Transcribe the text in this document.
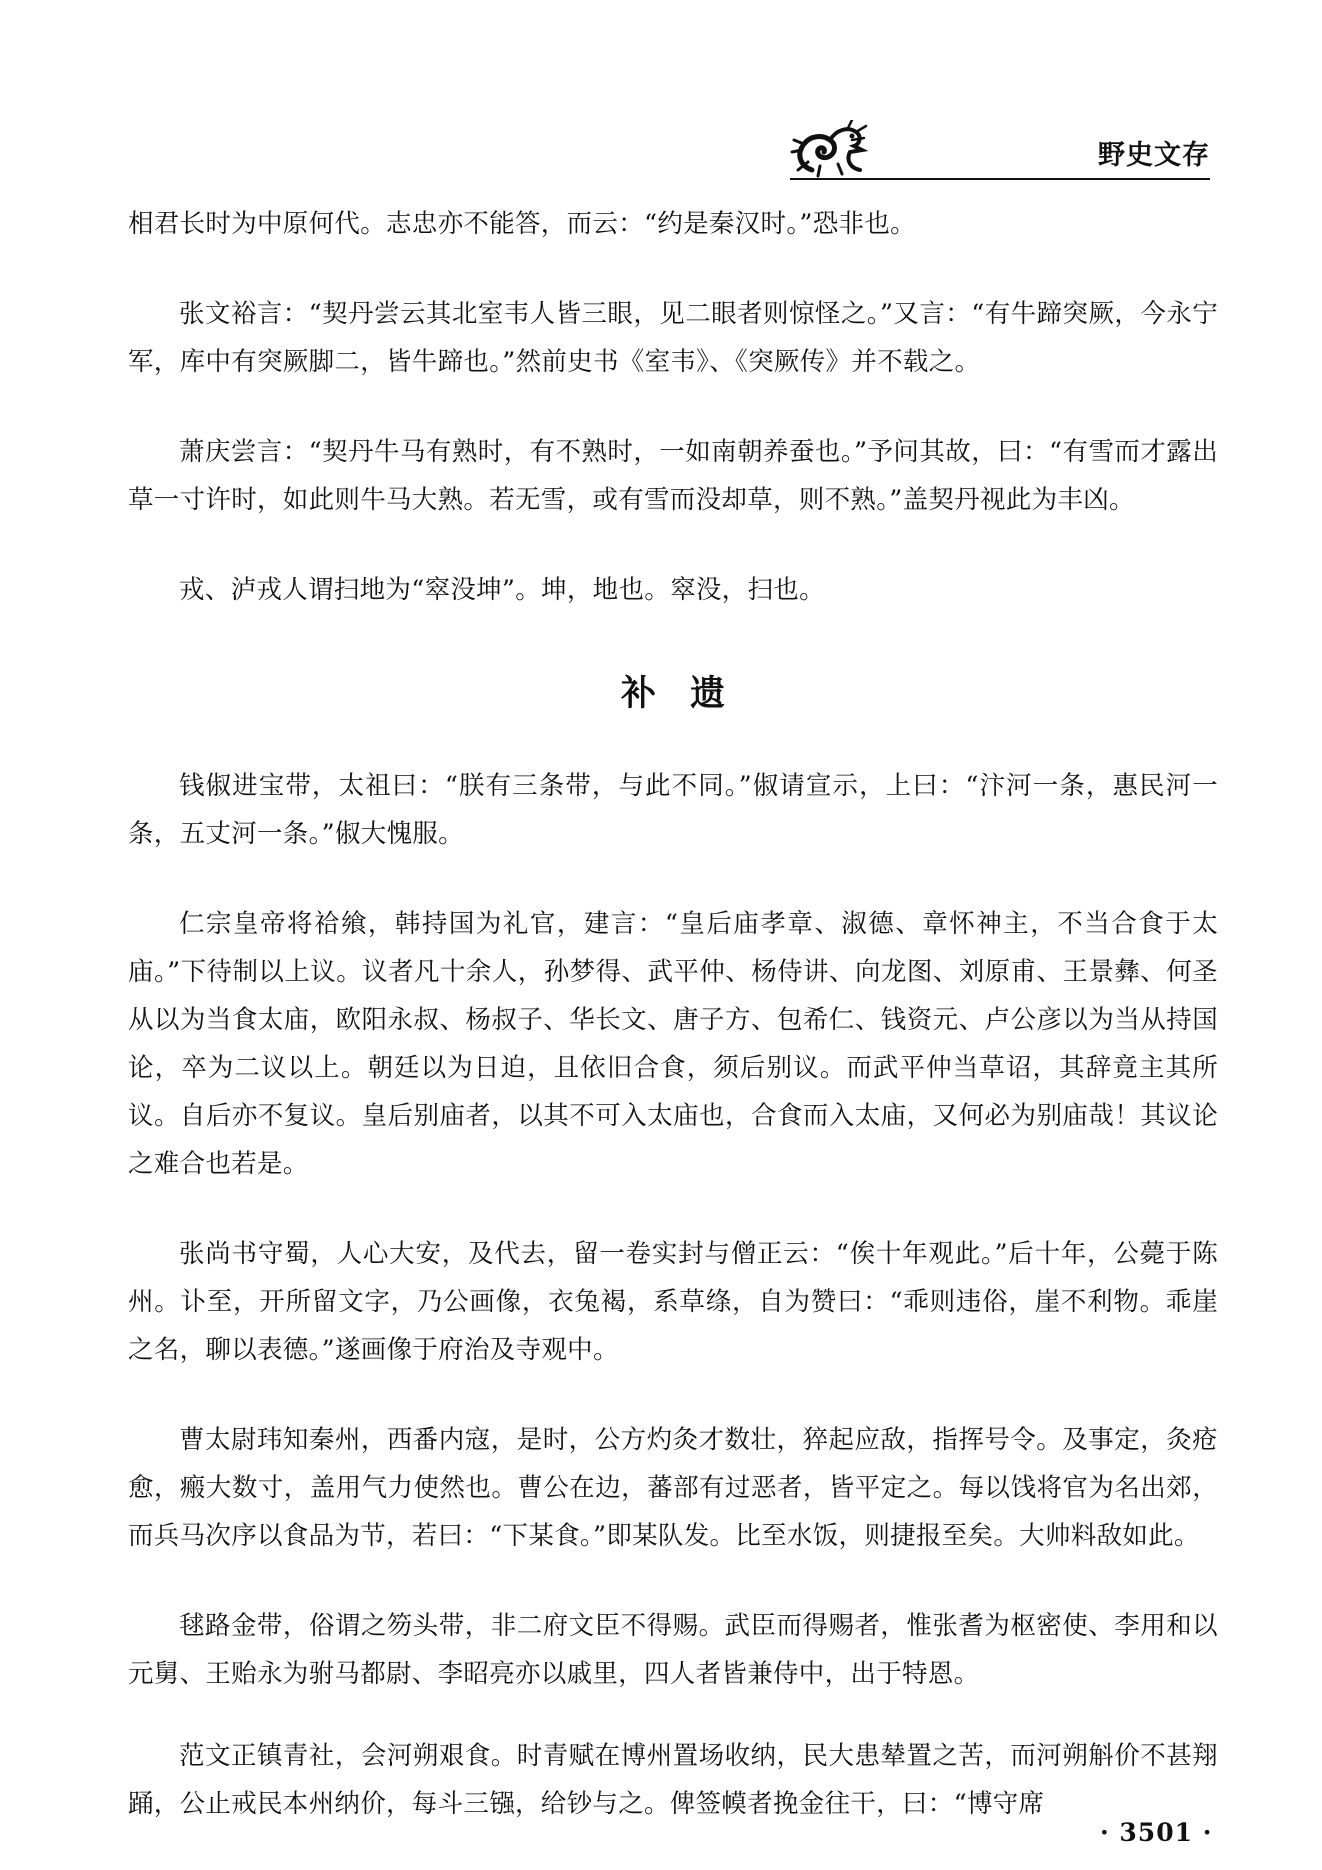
野史文存

相君长时为中原何代。志忠亦不能答，而云：“约是秦汉时。”恐非也。

张文裕言：“契丹尝云其北室韦人皆三眼，见二眼者则惊怪之。”又言：“有牛蹄突厥，今永宁军，库中有突厥脚二，皆牛蹄也。”然前史书《室韦》、《突厥传》并不载之。

萧庆尝言：“契丹牛马有熟时，有不熟时，一如南朝养蚕也。”予问其故，曰：“有雪而才露出草一寸许时，如此则牛马大熟。若无雪，或有雪而没却草，则不熟。”盖契丹视此为丰凶。

戎、泸戎人谓扫地为“窣没坤”。坤，地也。窣没，扫也。

补遗

钱俶进宝带，太祖曰：“朕有三条带，与此不同。”俶请宣示，上曰：“汴河一条，惠民河一条，五丈河一条。”俶大愧服。

仁宗皇帝将祫飨，韩持国为礼官，建言：“皇后庙孝章、淑德、章怀神主，不当合食于太庙。”下待制以上议。议者凡十余人，孙梦得、武平仲、杨侍讲、向龙图、刘原甫、王景彝、何圣从以为当食太庙，欧阳永叔、杨叔子、华长文、唐子方、包希仁、钱资元、卢公彦以为当从持国论，卒为二议以上。朝廷以为日迫，且依旧合食，须后别议。而武平仲当草诏，其辞竟主其所议。自后亦不复议。皇后别庙者，以其不可入太庙也，合食而入太庙，又何必为别庙哉！其议论之难合也若是。

张尚书守蜀，人心大安，及代去，留一卷实封与僧正云：“俟十年观此。”后十年，公薨于陈州。讣至，开所留文字，乃公画像，衣兔褐，系草绦，自为赞曰：“乖则违俗，崖不利物。乖崖之名，聊以表德。”遂画像于府治及寺观中。

曹太尉玮知秦州，西番内寇，是时，公方灼灸才数壮，猝起应敌，指挥号令。及事定，灸疮愈，瘢大数寸，盖用气力使然也。曹公在边，蕃部有过恶者，皆平定之。每以饯将官为名出郊，而兵马次序以食品为节，若曰：“下某食。”即某队发。比至水饭，则捷报至矣。大帅料敌如此。

毬路金带，俗谓之笏头带，非二府文臣不得赐。武臣而得赐者，惟张耆为枢密使、李用和以元舅、王贻永为驸马都尉、李昭亮亦以戚里，四人者皆兼侍中，出于特恩。

范文正镇青社，会河朔艰食。时青赋在博州置场收纳，民大患辇置之苦，而河朔斛价不甚翔踊，公止戒民本州纳价，每斗三镪，给钞与之。俾签幙者挽金往干，曰：“博守席

· 3501 ·
